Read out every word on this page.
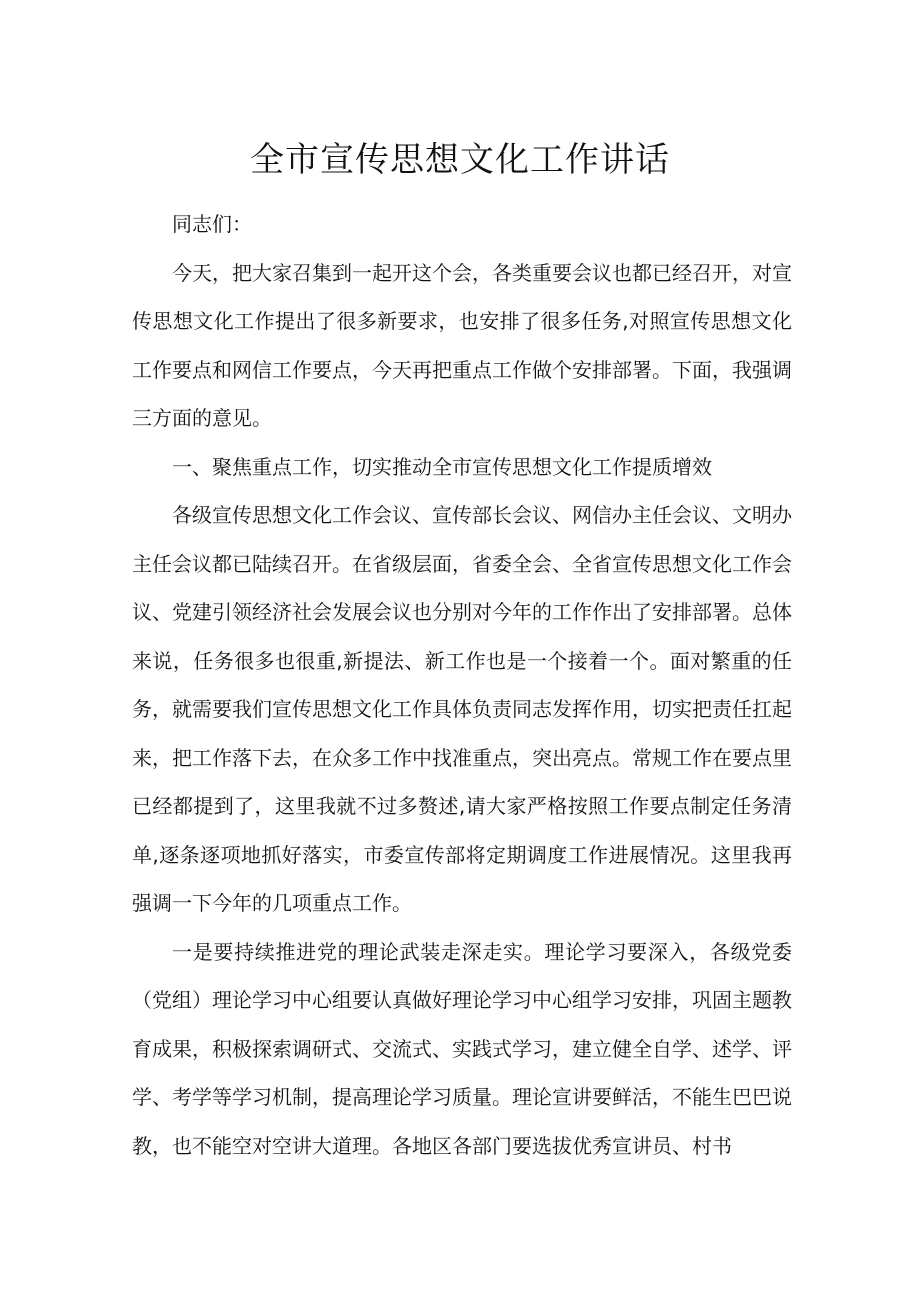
全市宣传思想文化工作讲话

同志们：

今天，把大家召集到一起开这个会，各类重要会议也都已经召开，对宣传思想文化工作提出了很多新要求，也安排了很多任务,对照宣传思想文化工作要点和网信工作要点，今天再把重点工作做个安排部署。下面，我强调三方面的意见。

一、聚焦重点工作，切实推动全市宣传思想文化工作提质增效

各级宣传思想文化工作会议、宣传部长会议、网信办主任会议、文明办主任会议都已陆续召开。在省级层面，省委全会、全省宣传思想文化工作会议、党建引领经济社会发展会议也分别对今年的工作作出了安排部署。总体来说，任务很多也很重,新提法、新工作也是一个接着一个。面对繁重的任务，就需要我们宣传思想文化工作具体负责同志发挥作用，切实把责任扛起来，把工作落下去，在众多工作中找准重点，突出亮点。常规工作在要点里已经都提到了，这里我就不过多赘述,请大家严格按照工作要点制定任务清单,逐条逐项地抓好落实，市委宣传部将定期调度工作进展情况。这里我再强调一下今年的几项重点工作。

一是要持续推进党的理论武装走深走实。理论学习要深入，各级党委（党组）理论学习中心组要认真做好理论学习中心组学习安排，巩固主题教育成果，积极探索调研式、交流式、实践式学习，建立健全自学、述学、评学、考学等学习机制，提高理论学习质量。理论宣讲要鲜活，不能生巴巴说教，也不能空对空讲大道理。各地区各部门要选拔优秀宣讲员、村书
